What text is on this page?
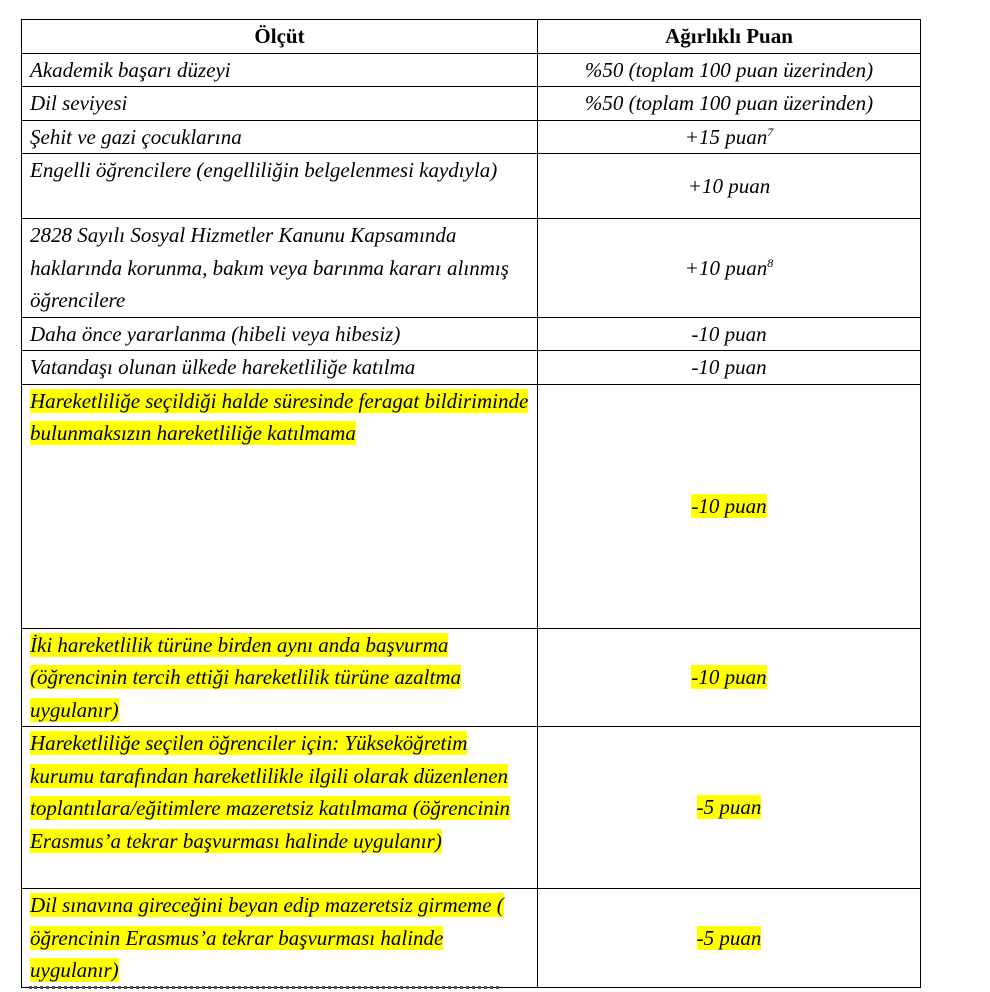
Ölçüt	Ağırlıklı Puan
Akademik başarı düzeyi	%50 (toplam 100 puan üzerinden)
Dil seviyesi	%50 (toplam 100 puan üzerinden)
Şehit ve gazi çocuklarına	+15 puan$^7$
Engelli öğrencilere (engelliliğin belgelenmesi kaydıyla)	+10 puan
2828 Sayılı Sosyal Hizmetler Kanunu Kapsamında haklarında korunma, bakım veya barınma kararı alınmış öğrencilere	+10 puan$^8$
Daha önce yararlanma (hibeli veya hibesiz)	-10 puan
Vatandaşı olunan ülkede hareketliliğe katılma	-10 puan
Hareketliliğe seçildiği halde süresinde feragat bildiriminde bulunmaksızın hareketliliğe katılmama	-10 puan
İki hareketlilik türüne birden aynı anda başvurma (öğrencinin tercih ettiği hareketlilik türüne azaltma uygulanır)	-10 puan
Hareketliliğe seçilen öğrenciler için: Yükseköğretim kurumu tarafından hareketlilikle ilgili olarak düzenlenen toplantılara/eğitimlere mazeretsiz katılmama (öğrencinin Erasmus’a tekrar başvurması halinde uygulanır)	-5 puan
Dil sınavına gireceğini beyan edip mazeretsiz girmeme ( öğrencinin Erasmus’a tekrar başvurması halinde uygulanır)	-5 puan
